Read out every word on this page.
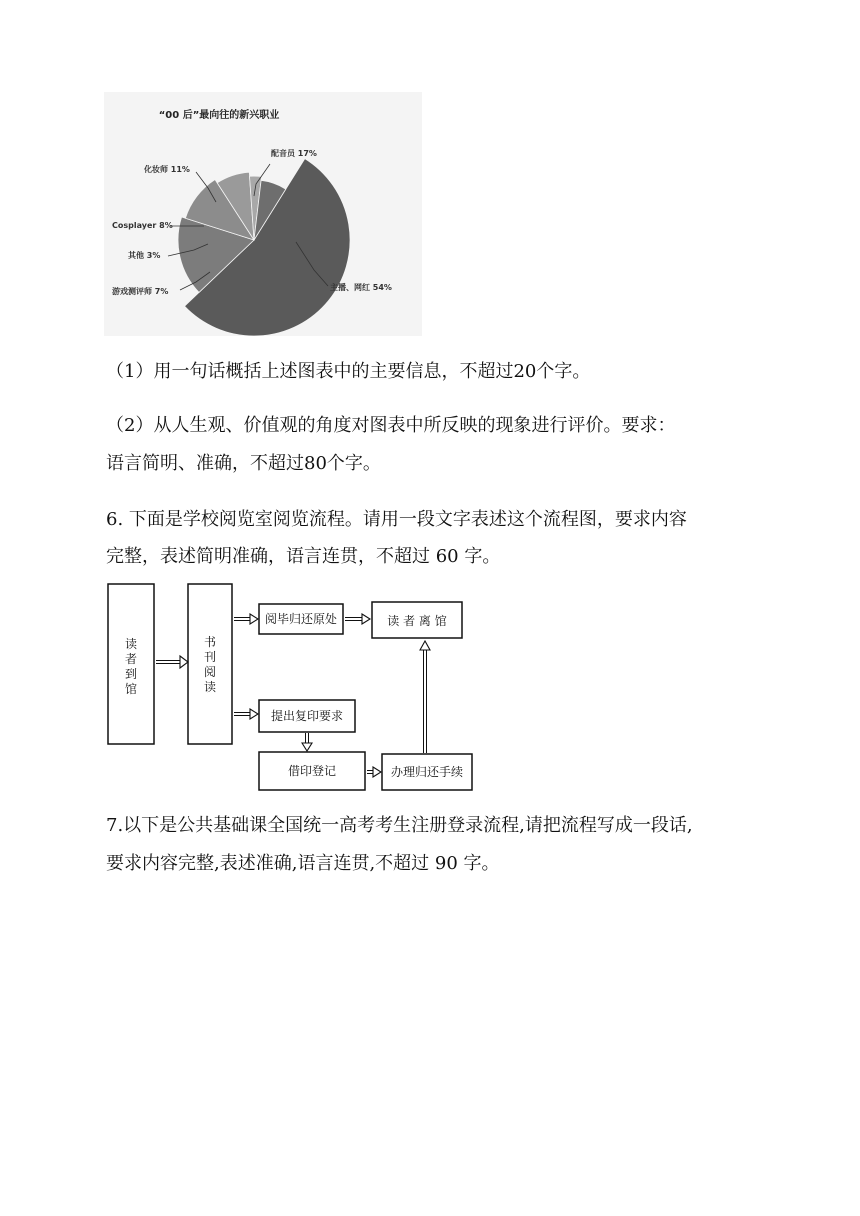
“00 后”最向往的新兴职业
配音员 17%
化妆师 11%
Cosplayer 8%
其他 3%
游戏测评师 7%	主播、网红 54%
（1）用一句话概括上述图表中的主要信息，不超过20个字。
（2）从人生观、价值观的角度对图表中所反映的现象进行评价。要求：
语言简明、准确，不超过80个字。
6. 下面是学校阅览室阅览流程。请用一段文字表述这个流程图，要求内容
完整，表述简明准确，语言连贯，不超过 60 字。
读
者
到
馆
书
刊
阅
读
阅毕归还原处	读 者 离 馆
提出复印要求
借印登记	办理归还手续
7.以下是公共基础课全国统一高考考生注册登录流程,请把流程写成一段话,
要求内容完整,表述准确,语言连贯,不超过 90 字。
